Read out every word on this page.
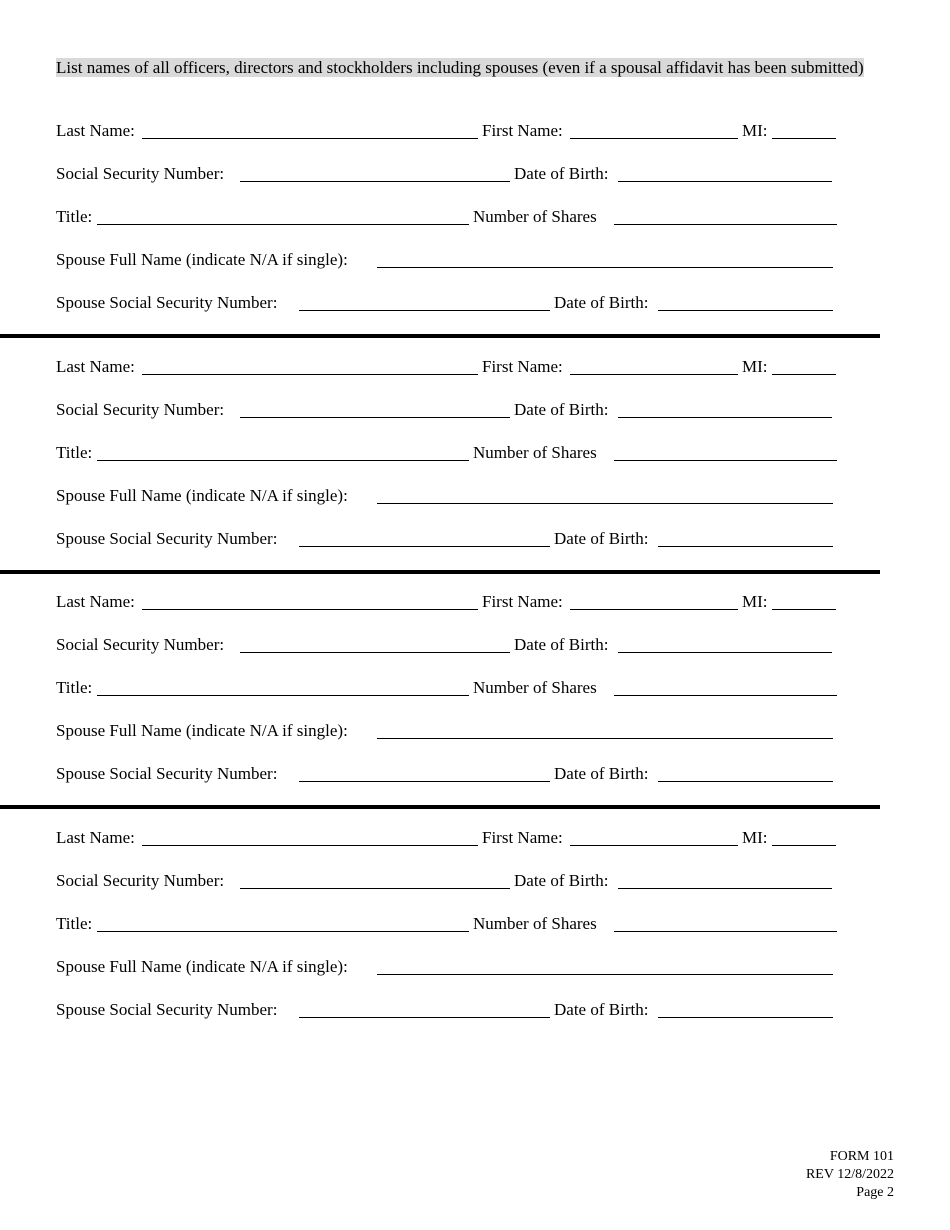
List names of all officers, directors and stockholders including spouses (even if a spousal affidavit has been submitted)

Last Name:	First Name:	MI:
Social Security Number:	Date of Birth:
Title:	Number of Shares
Spouse Full Name (indicate N/A if single):
Spouse Social Security Number:	Date of Birth:
Last Name:	First Name:	MI:
Social Security Number:	Date of Birth:
Title:	Number of Shares
Spouse Full Name (indicate N/A if single):
Spouse Social Security Number:	Date of Birth:
Last Name:	First Name:	MI:
Social Security Number:	Date of Birth:
Title:	Number of Shares
Spouse Full Name (indicate N/A if single):
Spouse Social Security Number:	Date of Birth:
Last Name:	First Name:	MI:
Social Security Number:	Date of Birth:
Title:	Number of Shares
Spouse Full Name (indicate N/A if single):
Spouse Social Security Number:	Date of Birth:
FORM 101
REV 12/8/2022
Page 2
